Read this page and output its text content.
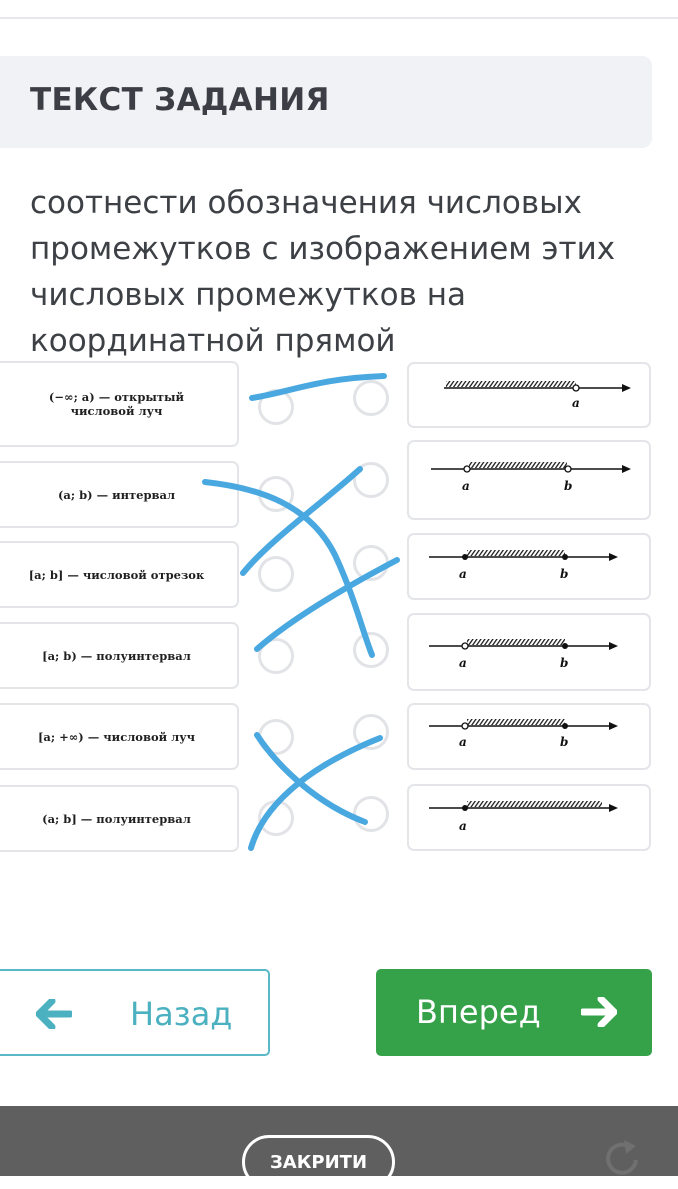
ТЕКСТ ЗАДАНИЯ
соотнести обозначения числовых промежутков с изображением этих числовых промежутков на координатной прямой
(−∞; a) — открытый
числовой луч
(a; b) — интервал
[a; b] — числовой отрезок
[a; b) — полуинтервал
[a; +∞) — числовой луч
(a; b] — полуинтервал
a
a	b
a	b
a	b
a	b
a
Назад	Вперед
ЗАКРИТИ
